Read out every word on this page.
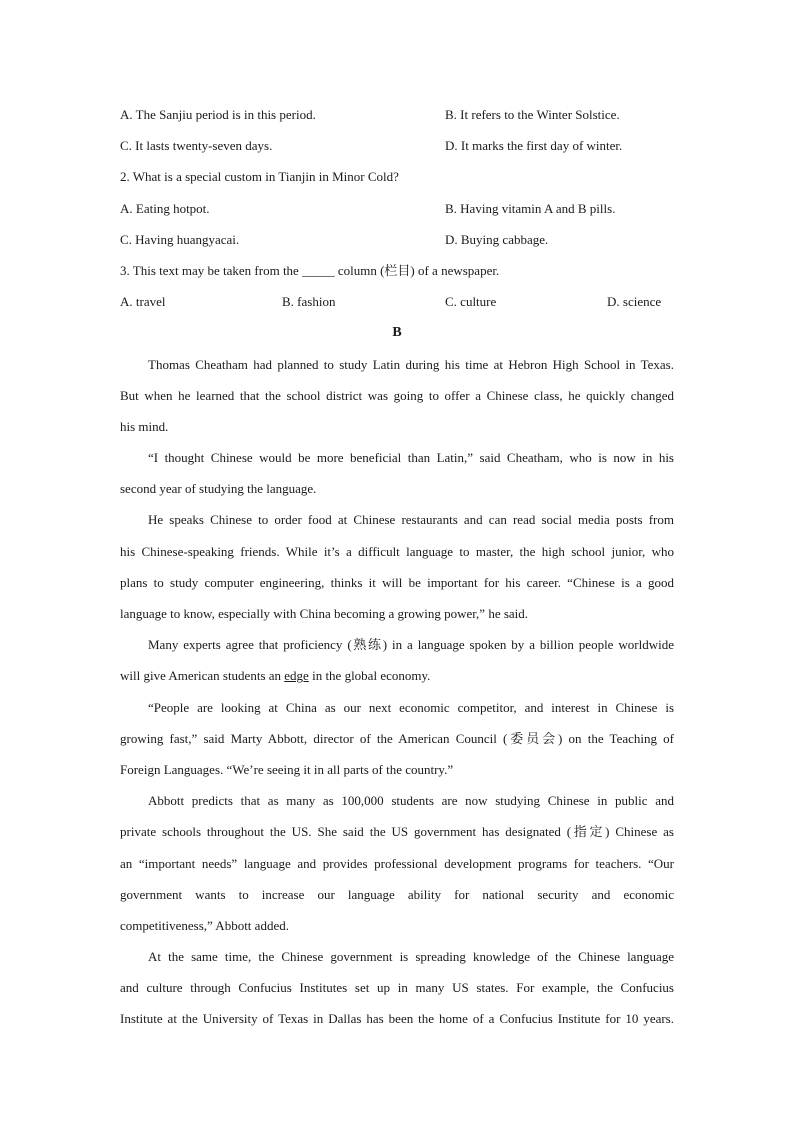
A. The Sanjiu period is in this period.	B. It refers to the Winter Solstice.
C. It lasts twenty-seven days.	D. It marks the first day of winter.
2. What is a special custom in Tianjin in Minor Cold?
A. Eating hotpot.	B. Having vitamin A and B pills.
C. Having huangyacai.	D. Buying cabbage.
3. This text may be taken from the _____ column (栏目) of a newspaper.
A. travel	B. fashion	C. culture	D. science
B
Thomas Cheatham had planned to study Latin during his time at Hebron High School in Texas.
But when he learned that the school district was going to offer a Chinese class, he quickly changed
his mind.
“I thought Chinese would be more beneficial than Latin,” said Cheatham, who is now in his
second year of studying the language.
He speaks Chinese to order food at Chinese restaurants and can read social media posts from
his Chinese-speaking friends. While it’s a difficult language to master, the high school junior, who
plans to study computer engineering, thinks it will be important for his career. “Chinese is a good
language to know, especially with China becoming a growing power,” he said.
Many experts agree that proficiency (熟练) in a language spoken by a billion people worldwide
will give American students an edge in the global economy.
“People are looking at China as our next economic competitor, and interest in Chinese is
growing fast,” said Marty Abbott, director of the American Council (委员会) on the Teaching of
Foreign Languages. “We’re seeing it in all parts of the country.”
Abbott predicts that as many as 100,000 students are now studying Chinese in public and
private schools throughout the US. She said the US government has designated (指定) Chinese as
an “important needs” language and provides professional development programs for teachers. “Our
government wants to increase our language ability for national security and economic
competitiveness,” Abbott added.
At the same time, the Chinese government is spreading knowledge of the Chinese language
and culture through Confucius Institutes set up in many US states. For example, the Confucius
Institute at the University of Texas in Dallas has been the home of a Confucius Institute for 10 years.
